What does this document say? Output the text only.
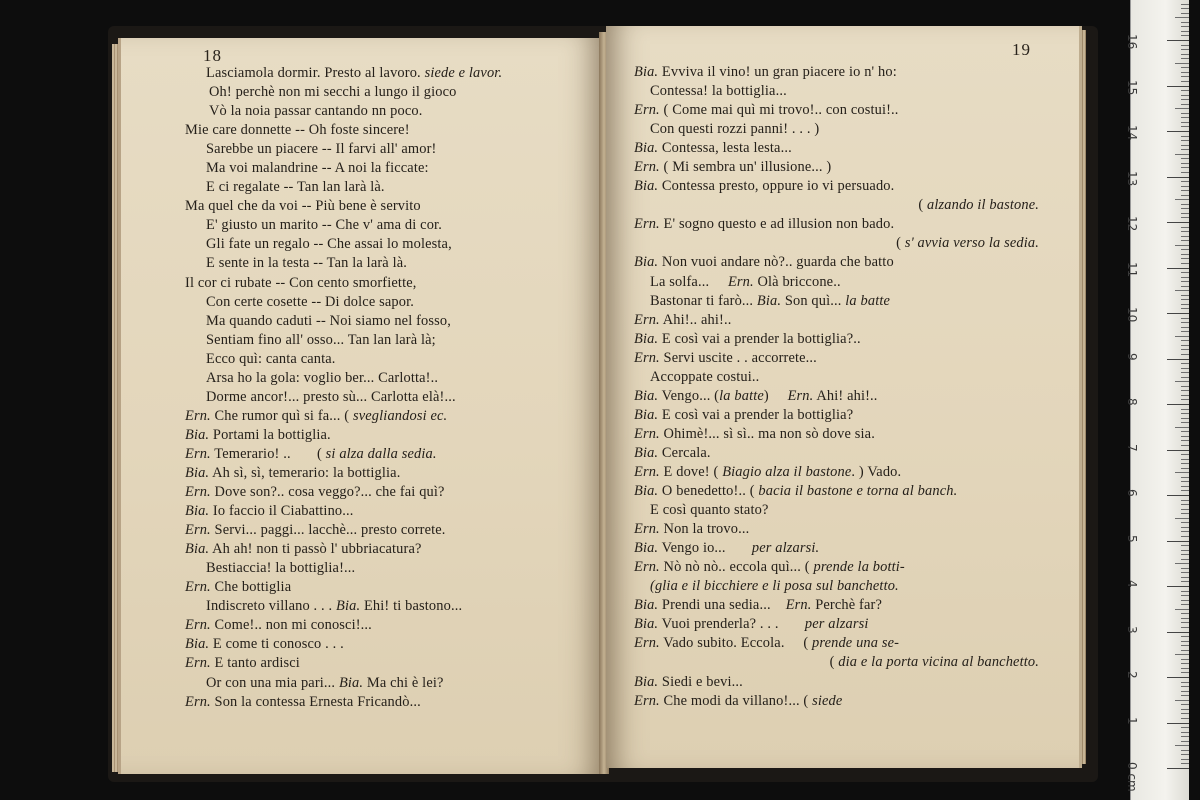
18
Lasciamola dormir. Presto al lavoro. siede e lavor.
Oh! perchè non mi secchi a lungo il gioco
Vò la noia passar cantando nn poco.
Mie care donnette -- Oh foste sincere!
Sarebbe un piacere -- Il farvi all' amor!
Ma voi malandrine -- A noi la ficcate:
E ci regalate -- Tan lan larà là.
Ma quel che da voi -- Più bene è servito
E' giusto un marito -- Che v' ama di cor.
Gli fate un regalo -- Che assai lo molesta,
E sente in la testa -- Tan la larà là.
Il cor ci rubate -- Con cento smorfiette,
Con certe cosette -- Di dolce sapor.
Ma quando caduti -- Noi siamo nel fosso,
Sentiam fino all' osso... Tan lan larà là;
Ecco quì: canta canta.
Arsa ho la gola: voglio ber... Carlotta!..
Dorme ancor!... presto sù... Carlotta elà!...
Ern. Che rumor quì si fa... ( svegliandosi ec.
Bia. Portami la bottiglia.
Ern. Temerario! ..       ( si alza dalla sedia.
Bia. Ah sì, sì, temerario: la bottiglia.
Ern. Dove son?.. cosa veggo?... che fai quì?
Bia. Io faccio il Ciabattino...
Ern. Servi... paggi... lacchè... presto correte.
Bia. Ah ah! non ti passò l' ubbriacatura?
Bestiaccia! la bottiglia!...
Ern. Che bottiglia
Indiscreto villano . . . Bia. Ehi! ti bastono...
Ern. Come!.. non mi conosci!...
Bia. E come ti conosco . . .
Ern. E tanto ardisci
Or con una mia pari... Bia. Ma chi è lei?
Ern. Son la contessa Ernesta Fricandò...
19
Bia. Evviva il vino! un gran piacere io n' ho:
Contessa! la bottiglia...
Ern. ( Come mai quì mi trovo!.. con costui!..
Con questi rozzi panni! . . . )
Bia. Contessa, lesta lesta...
Ern. ( Mi sembra un' illusione... )
Bia. Contessa presto, oppure io vi persuado.
( alzando il bastone.
Ern. E' sogno questo e ad illusion non bado.
( s' avvia verso la sedia.
Bia. Non vuoi andare nò?.. guarda che batto
La solfa...     Ern. Olà briccone..
Bastonar ti farò... Bia. Son quì... la batte
Ern. Ahi!.. ahi!..
Bia. E così vai a prender la bottiglia?..
Ern. Servi uscite . . accorrete...
Accoppate costui..
Bia. Vengo... (la batte)     Ern. Ahi! ahi!..
Bia. E così vai a prender la bottiglia?
Ern. Ohimè!... sì sì.. ma non sò dove sia.
Bia. Cercala.
Ern. E dove! ( Biagio alza il bastone. ) Vado.
Bia. O benedetto!.. ( bacia il bastone e torna al banch.
E così quanto stato?
Ern. Non la trovo...
Bia. Vengo io...       per alzarsi.
Ern. Nò nò nò.. eccola quì... ( prende la botti-
(glia e il bicchiere e li posa sul banchetto.
Bia. Prendi una sedia...    Ern. Perchè far?
Bia. Vuoi prenderla? . . .       per alzarsi
Ern. Vado subito. Eccola.     ( prende una se-
( dia e la porta vicina al banchetto.
Bia. Siedi e bevi...
Ern. Che modi da villano!... ( siede
0 cm
1
2
3
4
5
6
7
8
9
10
11
12
13
14
15
16
